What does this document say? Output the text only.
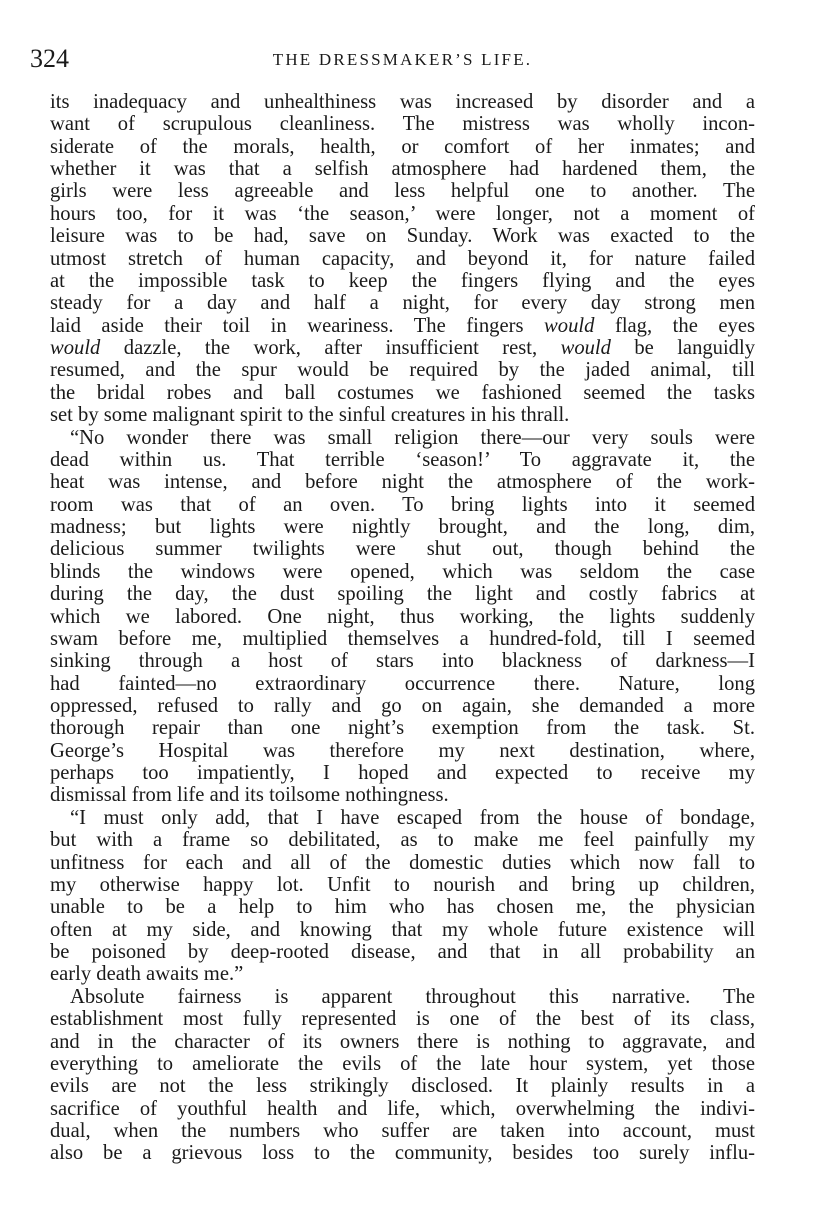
324	THE DRESSMAKER’S LIFE.
its inadequacy and unhealthiness was increased by disorder and a
want of scrupulous cleanliness. The mistress was wholly incon-
siderate of the morals, health, or comfort of her inmates; and
whether it was that a selfish atmosphere had hardened them, the
girls were less agreeable and less helpful one to another. The
hours too, for it was ‘the season,’ were longer, not a moment of
leisure was to be had, save on Sunday. Work was exacted to the
utmost stretch of human capacity, and beyond it, for nature failed
at the impossible task to keep the fingers flying and the eyes
steady for a day and half a night, for every day strong men
laid aside their toil in weariness. The fingers would flag, the eyes
would dazzle, the work, after insufficient rest, would be languidly
resumed, and the spur would be required by the jaded animal, till
the bridal robes and ball costumes we fashioned seemed the tasks
set by some malignant spirit to the sinful creatures in his thrall.
“No wonder there was small religion there—our very souls were
dead within us. That terrible ‘season!’ To aggravate it, the
heat was intense, and before night the atmosphere of the work-
room was that of an oven. To bring lights into it seemed
madness; but lights were nightly brought, and the long, dim,
delicious summer twilights were shut out, though behind the
blinds the windows were opened, which was seldom the case
during the day, the dust spoiling the light and costly fabrics at
which we labored. One night, thus working, the lights suddenly
swam before me, multiplied themselves a hundred-fold, till I seemed
sinking through a host of stars into blackness of darkness—I
had fainted—no extraordinary occurrence there. Nature, long
oppressed, refused to rally and go on again, she demanded a more
thorough repair than one night’s exemption from the task. St.
George’s Hospital was therefore my next destination, where,
perhaps too impatiently, I hoped and expected to receive my
dismissal from life and its toilsome nothingness.
“I must only add, that I have escaped from the house of bondage,
but with a frame so debilitated, as to make me feel painfully my
unfitness for each and all of the domestic duties which now fall to
my otherwise happy lot. Unfit to nourish and bring up children,
unable to be a help to him who has chosen me, the physician
often at my side, and knowing that my whole future existence will
be poisoned by deep-rooted disease, and that in all probability an
early death awaits me.”
Absolute fairness is apparent throughout this narrative. The
establishment most fully represented is one of the best of its class,
and in the character of its owners there is nothing to aggravate, and
everything to ameliorate the evils of the late hour system, yet those
evils are not the less strikingly disclosed. It plainly results in a
sacrifice of youthful health and life, which, overwhelming the indivi-
dual, when the numbers who suffer are taken into account, must
also be a grievous loss to the community, besides too surely influ-
